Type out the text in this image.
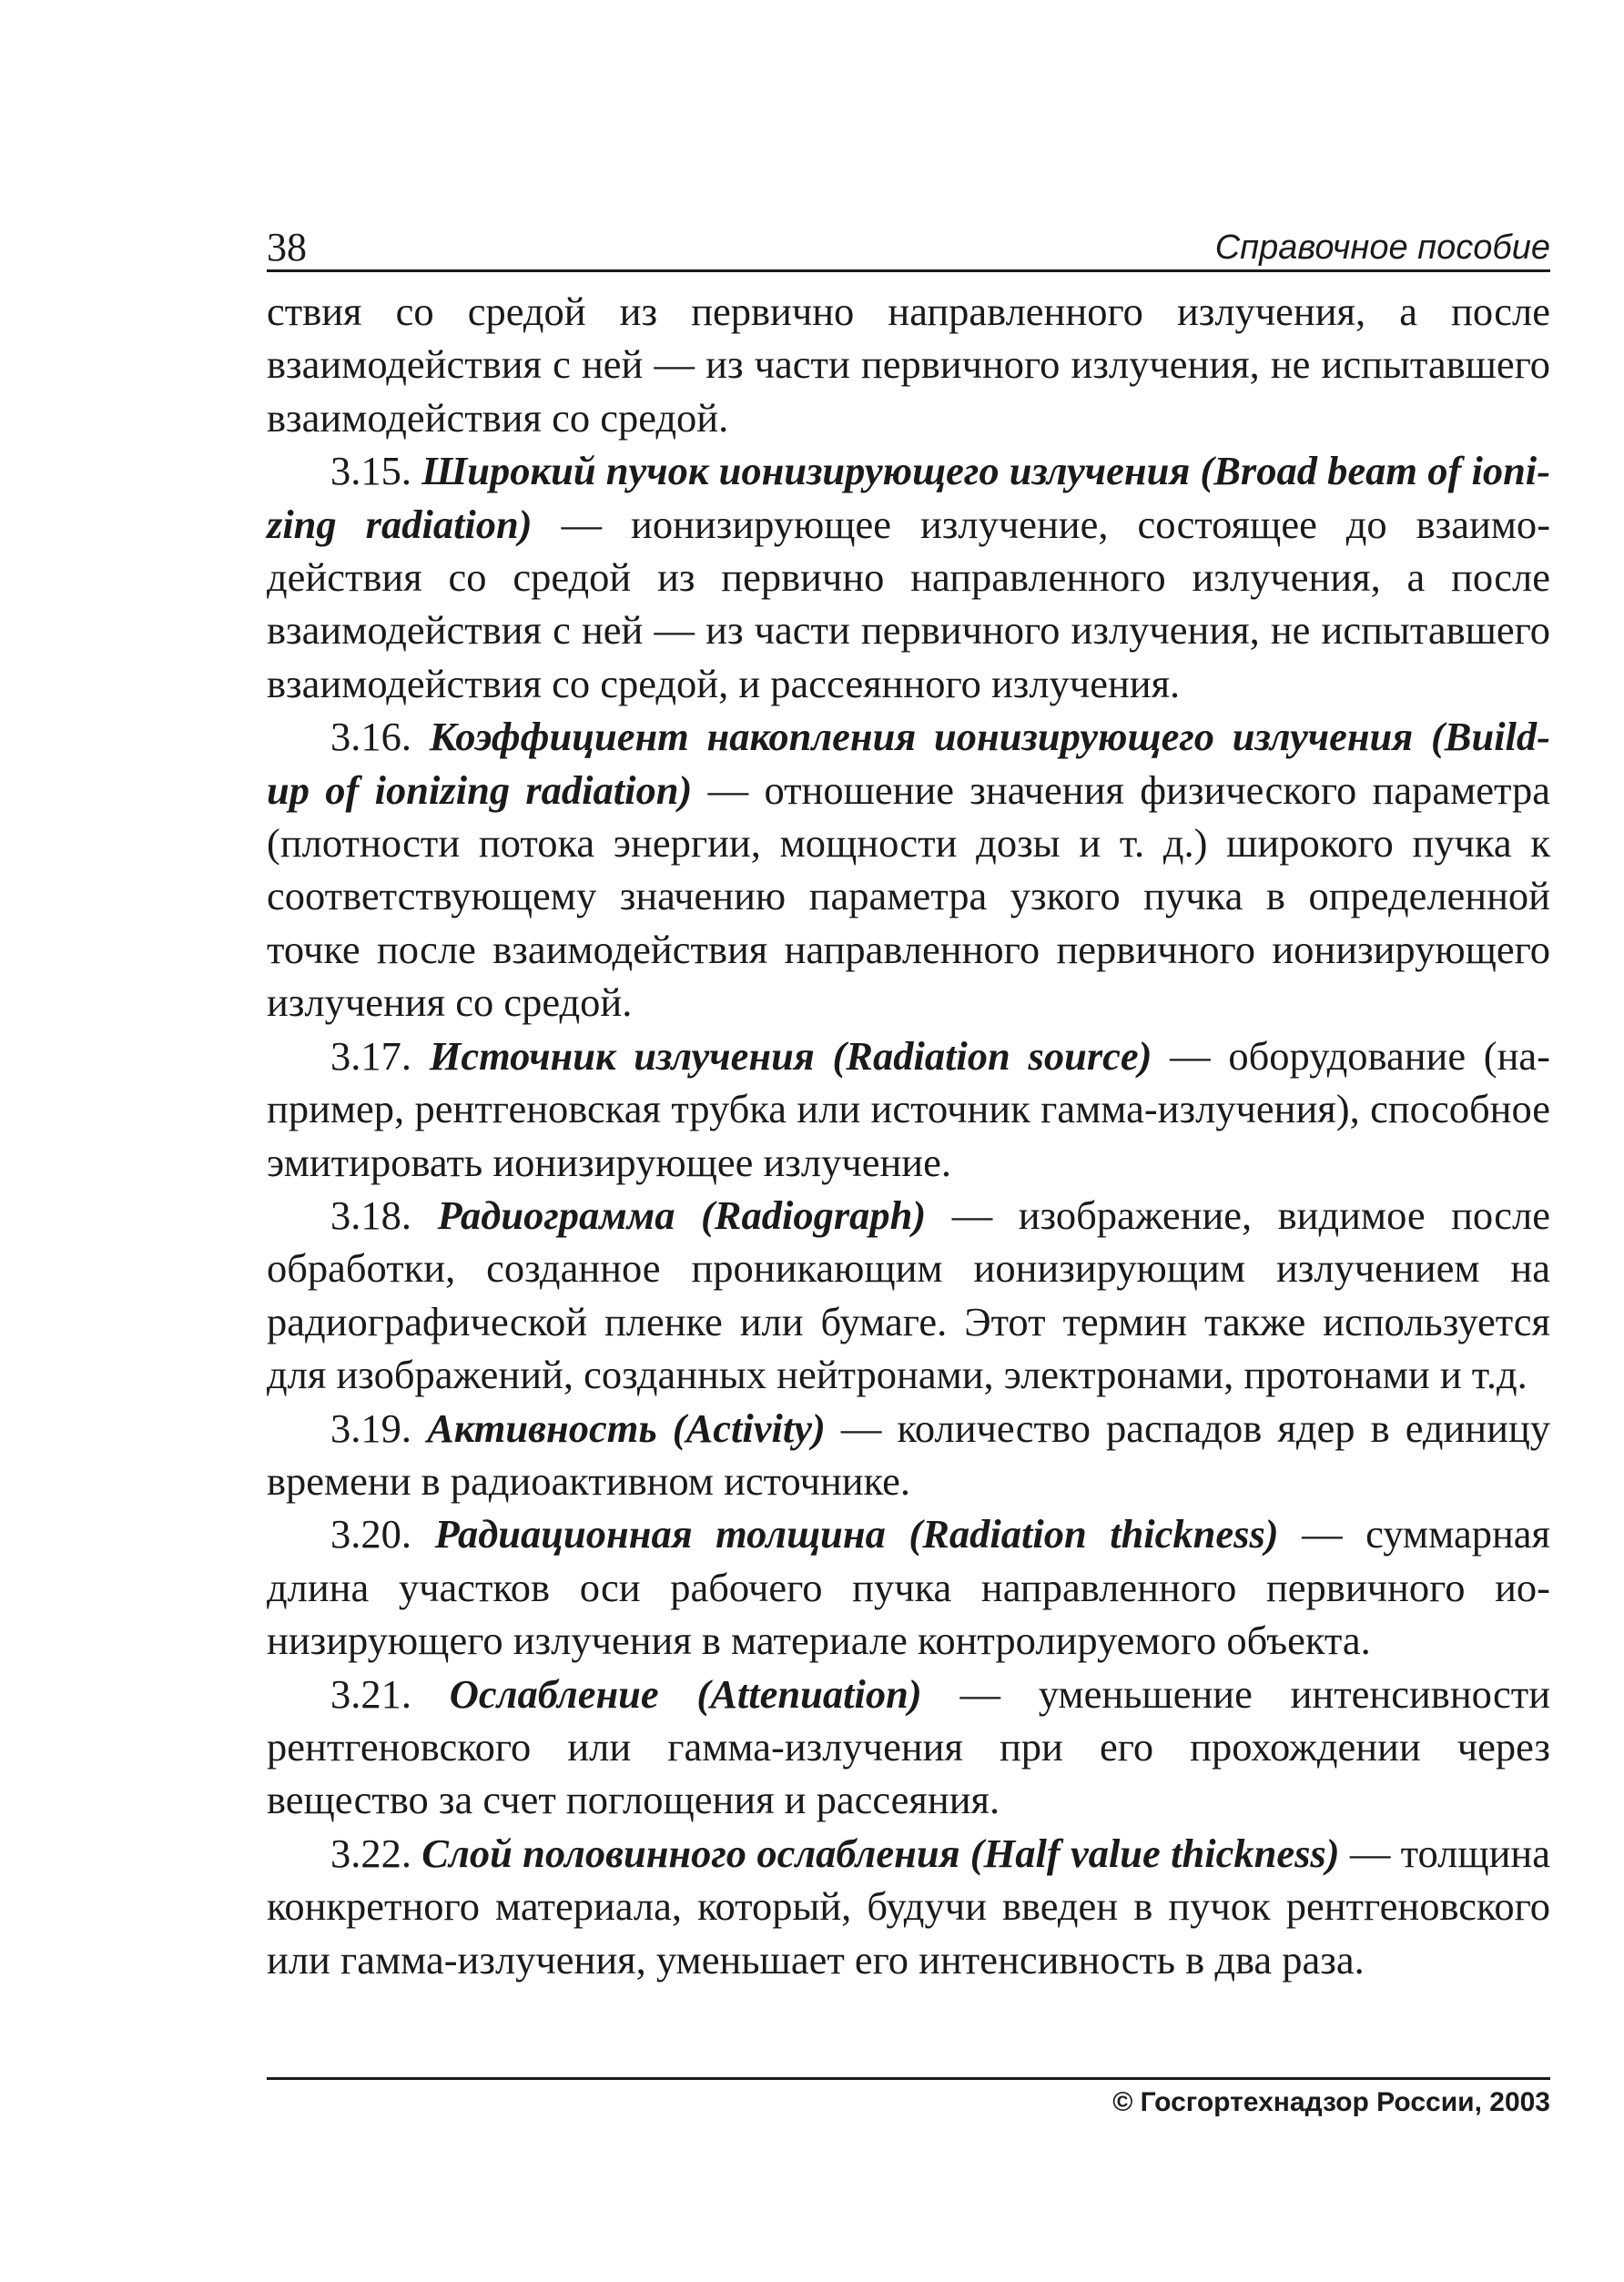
38	Справочное пособие

ствия со средой из первично направленного излучения, а после взаимодействия с ней — из части первичного излучения, не испытавшего взаимодействия со средой.

3.15. Широкий пучок ионизирующего излучения (Broad beam of ionizing radiation) — ионизирующее излучение, состоящее до взаимодействия со средой из первично направленного излучения, а после взаимодействия с ней — из части первичного излучения, не испытавшего взаимодействия со средой, и рассеянного излучения.

3.16. Коэффициент накопления ионизирующего излучения (Build-up of ionizing radiation) — отношение значения физического параметра (плотности потока энергии, мощности дозы и т. д.) широкого пучка к соответствующему значению параметра узкого пучка в определенной точке после взаимодействия направленного первичного ионизирующего излучения со средой.

3.17. Источник излучения (Radiation source) — оборудование (например, рентгеновская трубка или источник гамма-излучения), способное эмитировать ионизирующее излучение.

3.18. Радиограмма (Radiograph) — изображение, видимое после обработки, созданное проникающим ионизирующим излучением на радиографической пленке или бумаге. Этот термин также используется для изображений, созданных нейтронами, электронами, протонами и т.д.

3.19. Активность (Activity) — количество распадов ядер в единицу времени в радиоактивном источнике.

3.20. Радиационная толщина (Radiation thickness) — суммарная длина участков оси рабочего пучка направленного первичного ионизирующего излучения в материале контролируемого объекта.

3.21. Ослабление (Attenuation) — уменьшение интенсивности рентгеновского или гамма-излучения при его прохождении через вещество за счет поглощения и рассеяния.

3.22. Слой половинного ослабления (Half value thickness) — толщина конкретного материала, который, будучи введен в пучок рентгеновского или гамма-излучения, уменьшает его интенсивность в два раза.

© Госгортехнадзор России, 2003
